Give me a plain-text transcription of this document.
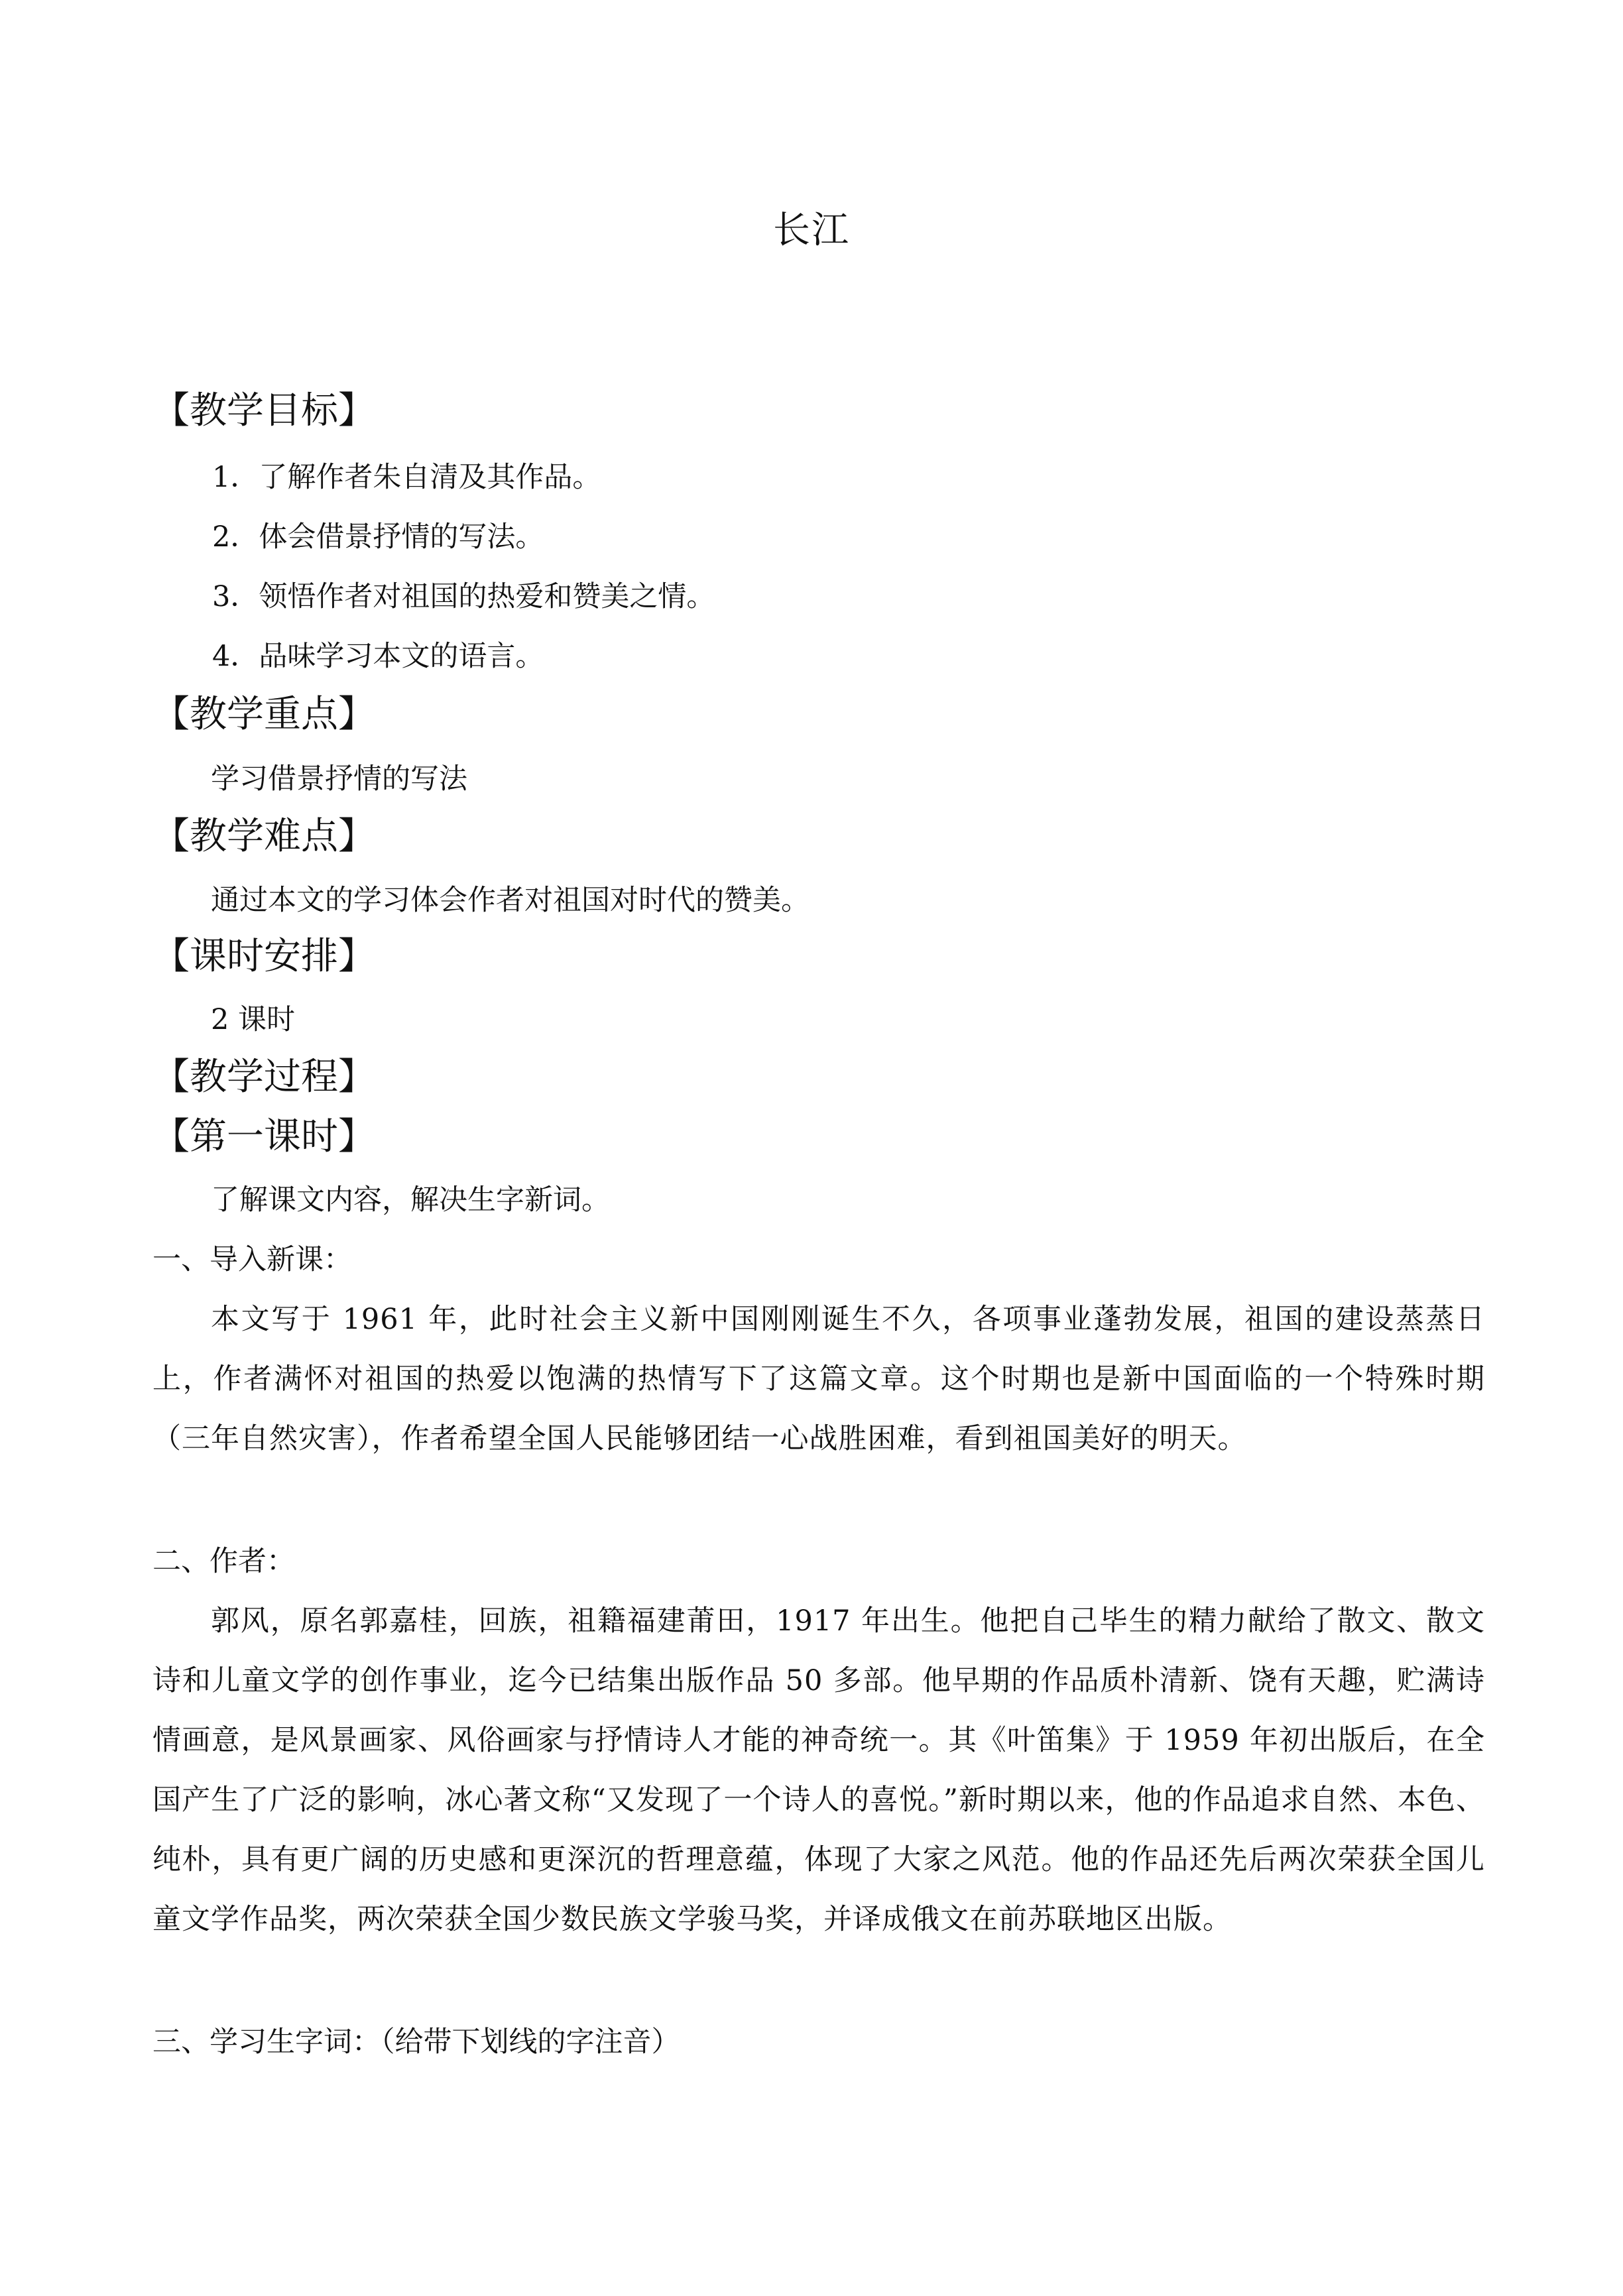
长江
【教学目标】
1．了解作者朱自清及其作品。
2．体会借景抒情的写法。
3．领悟作者对祖国的热爱和赞美之情。
4．品味学习本文的语言。
【教学重点】
学习借景抒情的写法
【教学难点】
通过本文的学习体会作者对祖国对时代的赞美。
【课时安排】
2 课时
【教学过程】
【第一课时】
了解课文内容，解决生字新词。
一、导入新课：
本文写于 1961 年，此时社会主义新中国刚刚诞生不久，各项事业蓬勃发展，祖国的建设蒸蒸日上，作者满怀对祖国的热爱以饱满的热情写下了这篇文章。这个时期也是新中国面临的一个特殊时期（三年自然灾害），作者希望全国人民能够团结一心战胜困难，看到祖国美好的明天。
二、作者：
郭风，原名郭嘉桂，回族，祖籍福建莆田，1917 年出生。他把自己毕生的精力献给了散文、散文诗和儿童文学的创作事业，迄今已结集出版作品 50 多部。他早期的作品质朴清新、饶有天趣，贮满诗情画意，是风景画家、风俗画家与抒情诗人才能的神奇统一。其《叶笛集》于 1959 年初出版后，在全国产生了广泛的影响，冰心著文称“又发现了一个诗人的喜悦。”新时期以来，他的作品追求自然、本色、纯朴，具有更广阔的历史感和更深沉的哲理意蕴，体现了大家之风范。他的作品还先后两次荣获全国儿童文学作品奖，两次荣获全国少数民族文学骏马奖，并译成俄文在前苏联地区出版。
三、学习生字词：（给带下划线的字注音）
